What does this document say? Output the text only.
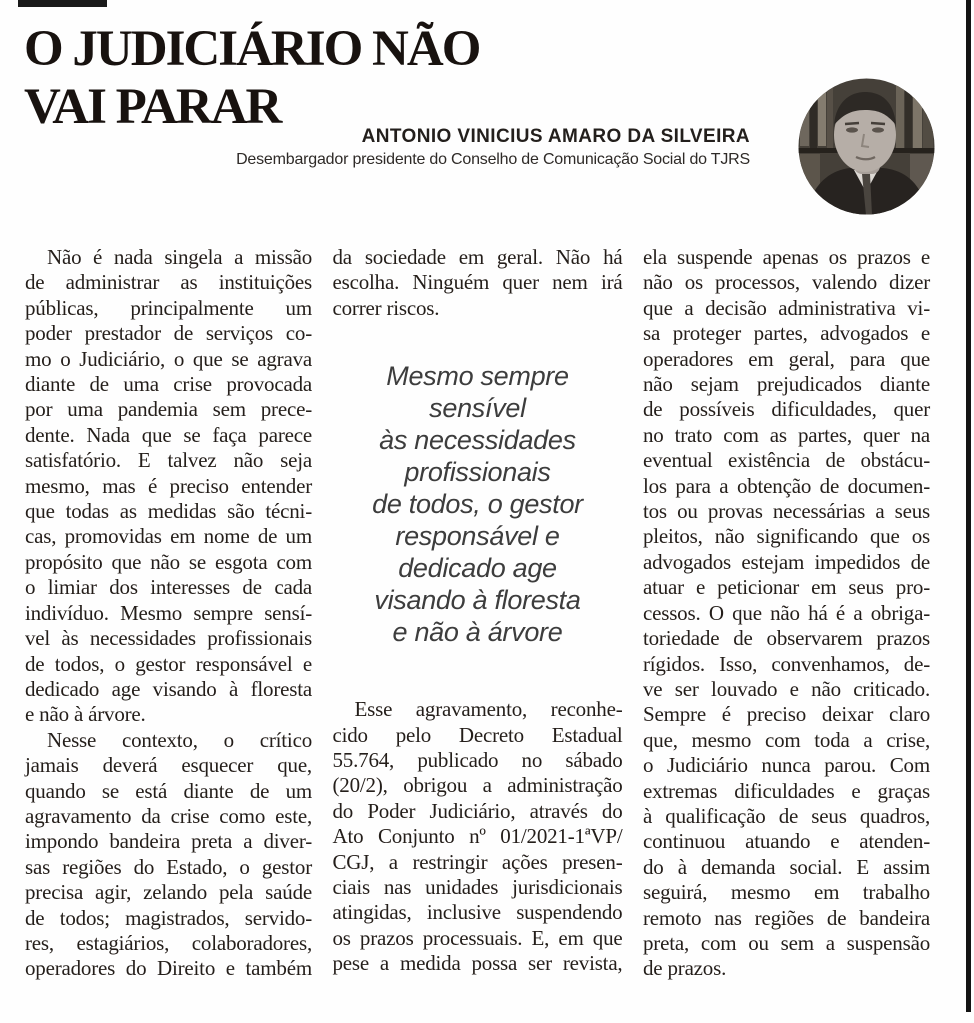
O JUDICIÁRIO NÃO
VAI PARAR
ANTONIO VINICIUS AMARO DA SILVEIRA
Desembargador presidente do Conselho de Comunicação Social do TJRS
Não é nada singela a missão
de administrar as instituições
públicas, principalmente um
poder prestador de serviços co-
mo o Judiciário, o que se agrava
diante de uma crise provocada
por uma pandemia sem prece-
dente. Nada que se faça parece
satisfatório. E talvez não seja
mesmo, mas é preciso entender
que todas as medidas são técni-
cas, promovidas em nome de um
propósito que não se esgota com
o limiar dos interesses de cada
indivíduo. Mesmo sempre sensí-
vel às necessidades profissionais
de todos, o gestor responsável e
dedicado age visando à floresta
e não à árvore.
Nesse contexto, o crítico
jamais deverá esquecer que,
quando se está diante de um
agravamento da crise como este,
impondo bandeira preta a diver-
sas regiões do Estado, o gestor
precisa agir, zelando pela saúde
de todos; magistrados, servido-
res, estagiários, colaboradores,
operadores do Direito e também
da sociedade em geral. Não há
escolha. Ninguém quer nem irá
correr riscos.
Mesmo sempre
sensível
às necessidades
profissionais
de todos, o gestor
responsável e
dedicado age
visando à floresta
e não à árvore
Esse agravamento, reconhe-
cido pelo Decreto Estadual
55.764, publicado no sábado
(20/2), obrigou a administração
do Poder Judiciário, através do
Ato Conjunto nº 01/2021-1ªVP/
CGJ, a restringir ações presen-
ciais nas unidades jurisdicionais
atingidas, inclusive suspendendo
os prazos processuais. E, em que
pese a medida possa ser revista,
ela suspende apenas os prazos e
não os processos, valendo dizer
que a decisão administrativa vi-
sa proteger partes, advogados e
operadores em geral, para que
não sejam prejudicados diante
de possíveis dificuldades, quer
no trato com as partes, quer na
eventual existência de obstácu-
los para a obtenção de documen-
tos ou provas necessárias a seus
pleitos, não significando que os
advogados estejam impedidos de
atuar e peticionar em seus pro-
cessos. O que não há é a obriga-
toriedade de observarem prazos
rígidos. Isso, convenhamos, de-
ve ser louvado e não criticado.
Sempre é preciso deixar claro
que, mesmo com toda a crise,
o Judiciário nunca parou. Com
extremas dificuldades e graças
à qualificação de seus quadros,
continuou atuando e atenden-
do à demanda social. E assim
seguirá, mesmo em trabalho
remoto nas regiões de bandeira
preta, com ou sem a suspensão
de prazos.
